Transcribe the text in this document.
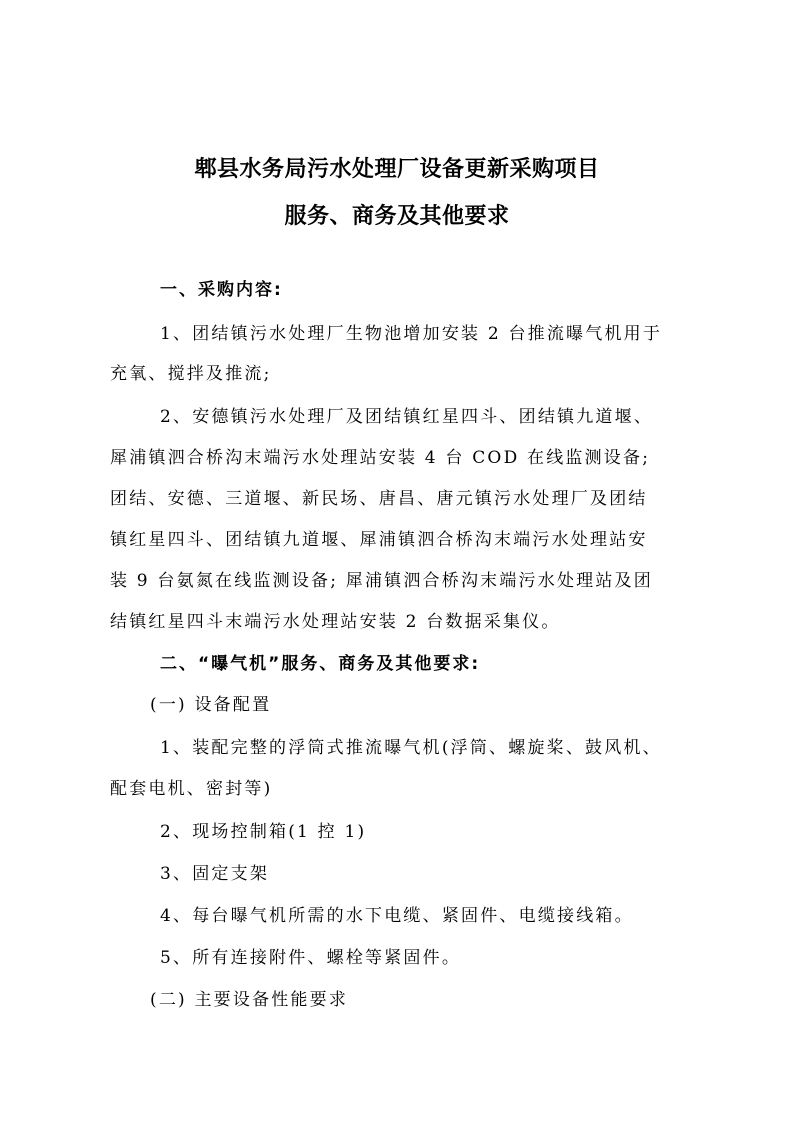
郫县水务局污水处理厂设备更新采购项目
服务、商务及其他要求
一、采购内容:
1、团结镇污水处理厂生物池增加安装 2 台推流曝气机用于
充氧、搅拌及推流;
2、安德镇污水处理厂及团结镇红星四斗、团结镇九道堰、
犀浦镇泗合桥沟末端污水处理站安装 4 台 COD 在线监测设备;
团结、安德、三道堰、新民场、唐昌、唐元镇污水处理厂及团结
镇红星四斗、团结镇九道堰、犀浦镇泗合桥沟末端污水处理站安
装 9 台氨氮在线监测设备; 犀浦镇泗合桥沟末端污水处理站及团
结镇红星四斗末端污水处理站安装 2 台数据采集仪。
二、“曝气机”服务、商务及其他要求:
(一) 设备配置
1、装配完整的浮筒式推流曝气机(浮筒、螺旋桨、鼓风机、
配套电机、密封等)
2、现场控制箱(1 控 1)
3、固定支架
4、每台曝气机所需的水下电缆、紧固件、电缆接线箱。
5、所有连接附件、螺栓等紧固件。
(二) 主要设备性能要求
